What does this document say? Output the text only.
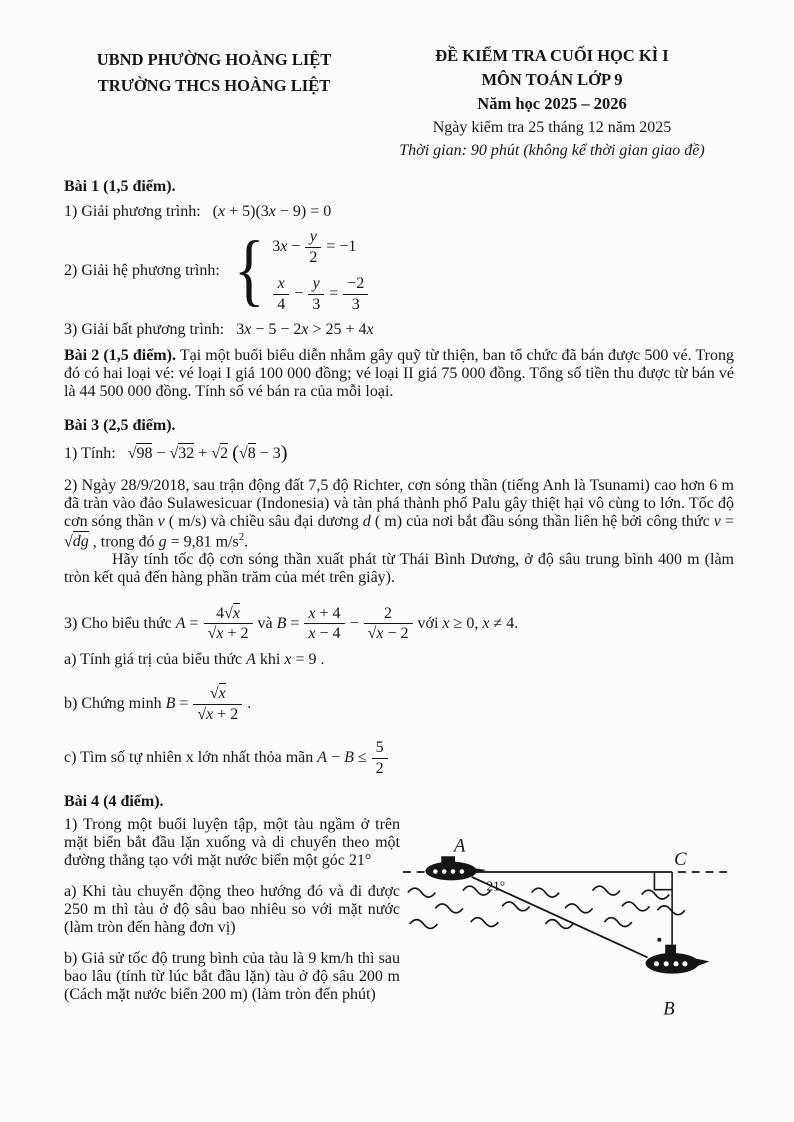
UBND PHƯỜNG HOÀNG LIỆT
TRƯỜNG THCS HOÀNG LIỆT
ĐỀ KIỂM TRA CUỐI HỌC KÌ I
MÔN TOÁN LỚP 9
Năm học 2025 – 2026
Ngày kiểm tra 25 tháng 12 năm 2025
Thời gian: 90 phút (không kể thời gian giao đề)

Bài 1 (1,5 điểm).

1) Giải phương trình: (x + 5)(3x − 9) = 0

2) Giải hệ phương trình: { $3x - \frac{y}{2} = -1$
$\frac{x}{4} - \frac{y}{3} = \frac{-2}{3}$

3) Giải bất phương trình: 3x − 5 − 2x > 25 + 4x

Bài 2 (1,5 điểm). Tại một buổi biểu diễn nhằm gây quỹ từ thiện, ban tổ chức đã bán được 500 vé. Trong đó có hai loại vé: vé loại I giá 100 000 đồng; vé loại II giá 75 000 đồng. Tổng số tiền thu được từ bán vé là 44 500 000 đồng. Tính số vé bán ra của mỗi loại.

Bài 3 (2,5 điểm).

1) Tính: √98 − √32 + √2 (√8 − 3)

2) Ngày 28/9/2018, sau trận động đất 7,5 độ Richter, cơn sóng thần (tiếng Anh là Tsunami) cao hơn 6 m đã tràn vào đảo Sulawesicuar (Indonesia) và tàn phá thành phố Palu gây thiệt hại vô cùng to lớn. Tốc độ cơn sóng thần v ( m/s) và chiều sâu đại dương d ( m) của nơi bắt đầu sóng thần liên hệ bởi công thức v = √dg , trong đó g = 9,81 $m/s^2$.

Hãy tính tốc độ cơn sóng thần xuất phát từ Thái Bình Dương, ở độ sâu trung bình 400 m (làm tròn kết quả đến hàng phần trăm của mét trên giây).

3) Cho biểu thức $A = \frac{4√x}{√x + 2}$ và $B = \frac{x + 4}{x - 4} - \frac{2}{√x - 2}$ với x ≥ 0, x ≠ 4.

a) Tính giá trị của biểu thức A khi x = 9 .

b) Chứng minh $B = \frac{√x}{√x + 2}$ .

c) Tìm số tự nhiên x lớn nhất thỏa mãn $A - B \le \frac{5}{2}$

Bài 4 (4 điểm).

1) Trong một buổi luyện tập, một tàu ngầm ở trên mặt biển bắt đầu lặn xuống và di chuyển theo một đường thẳng tạo với mặt nước biển một góc 21°

a) Khi tàu chuyển động theo hướng đó và đi được 250 m thì tàu ở độ sâu bao nhiêu so với mặt nước (làm tròn đến hàng đơn vị)

b) Giả sử tốc độ trung bình của tàu là 9 km/h thì sau bao lâu (tính từ lúc bắt đầu lặn) tàu ở độ sâu 200 m (Cách mặt nước biển 200 m) (làm tròn đến phút)

A
C
B
21°
